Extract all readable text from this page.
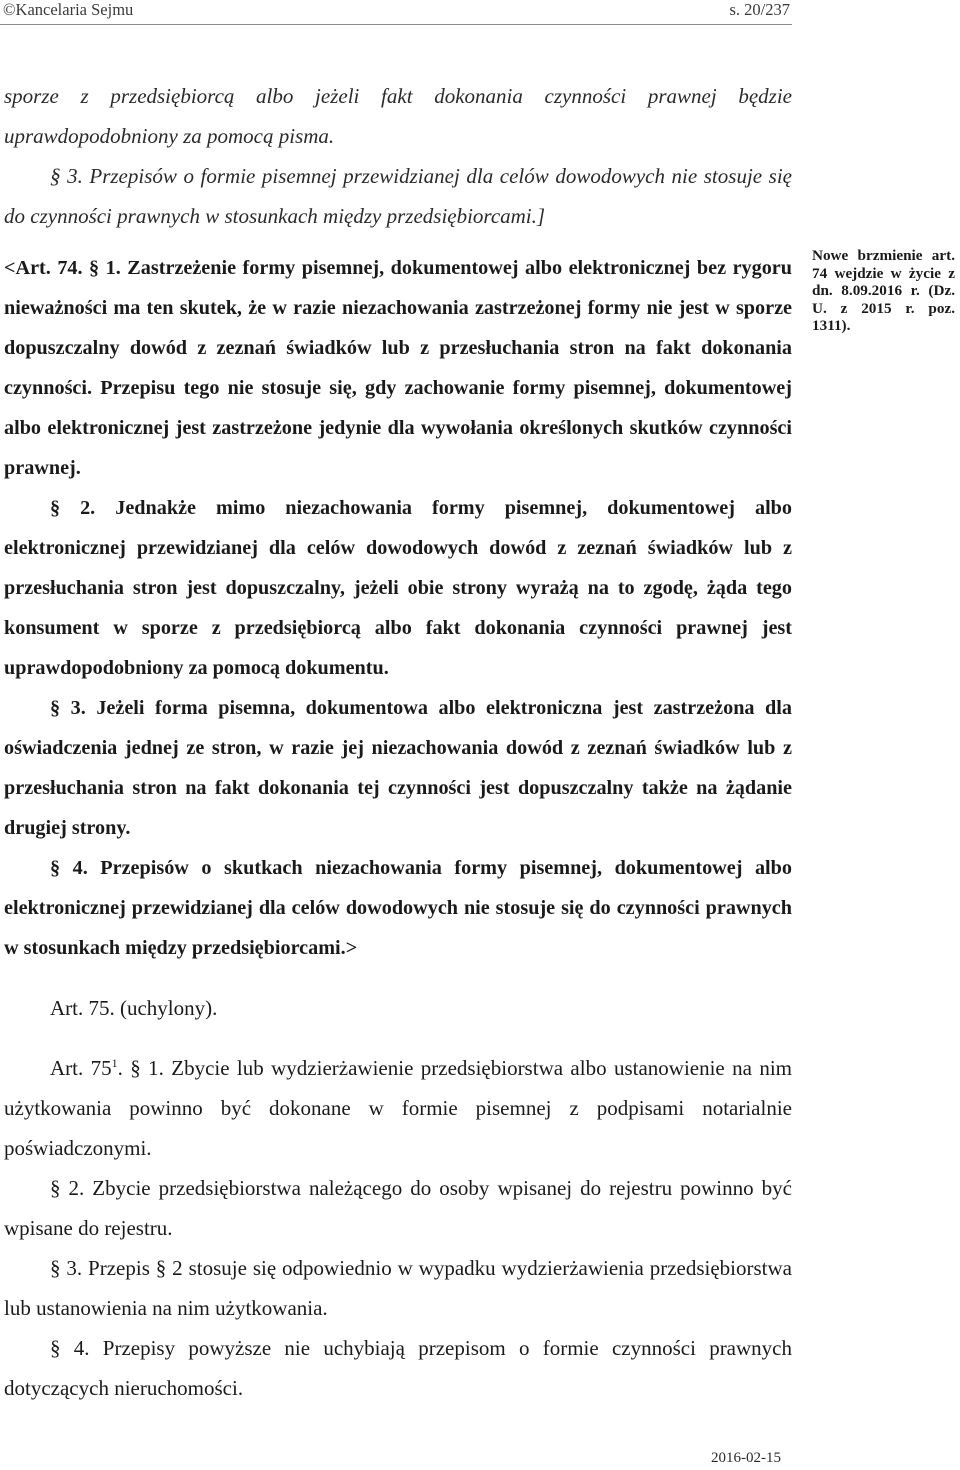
©Kancelaria Sejmu	s. 20/237

sporze z przedsiębiorcą albo jeżeli fakt dokonania czynności prawnej będzie uprawdopodobniony za pomocą pisma.

§ 3. Przepisów o formie pisemnej przewidzianej dla celów dowodowych nie stosuje się do czynności prawnych w stosunkach między przedsiębiorcami.]

<Art. 74. § 1. Zastrzeżenie formy pisemnej, dokumentowej albo elektronicznej bez rygoru nieważności ma ten skutek, że w razie niezachowania zastrzeżonej formy nie jest w sporze dopuszczalny dowód z zeznań świadków lub z przesłuchania stron na fakt dokonania czynności. Przepisu tego nie stosuje się, gdy zachowanie formy pisemnej, dokumentowej albo elektronicznej jest zastrzeżone jedynie dla wywołania określonych skutków czynności prawnej.

§ 2. Jednakże mimo niezachowania formy pisemnej, dokumentowej albo elektronicznej przewidzianej dla celów dowodowych dowód z zeznań świadków lub z przesłuchania stron jest dopuszczalny, jeżeli obie strony wyrażą na to zgodę, żąda tego konsument w sporze z przedsiębiorcą albo fakt dokonania czynności prawnej jest uprawdopodobniony za pomocą dokumentu.

§ 3. Jeżeli forma pisemna, dokumentowa albo elektroniczna jest zastrzeżona dla oświadczenia jednej ze stron, w razie jej niezachowania dowód z zeznań świadków lub z przesłuchania stron na fakt dokonania tej czynności jest dopuszczalny także na żądanie drugiej strony.

§ 4. Przepisów o skutkach niezachowania formy pisemnej, dokumentowej albo elektronicznej przewidzianej dla celów dowodowych nie stosuje się do czynności prawnych w stosunkach między przedsiębiorcami.>

Art. 75. (uchylony).

Art. $75^1$. § 1. Zbycie lub wydzierżawienie przedsiębiorstwa albo ustanowienie na nim użytkowania powinno być dokonane w formie pisemnej z podpisami notarialnie poświadczonymi.

§ 2. Zbycie przedsiębiorstwa należącego do osoby wpisanej do rejestru powinno być wpisane do rejestru.

§ 3. Przepis § 2 stosuje się odpowiednio w wypadku wydzierżawienia przedsiębiorstwa lub ustanowienia na nim użytkowania.

§ 4. Przepisy powyższe nie uchybiają przepisom o formie czynności prawnych dotyczących nieruchomości.

Nowe brzmienie art. 74 wejdzie w życie z dn. 8.09.2016 r. (Dz. U. z 2015 r. poz. 1311).
2016-02-15
